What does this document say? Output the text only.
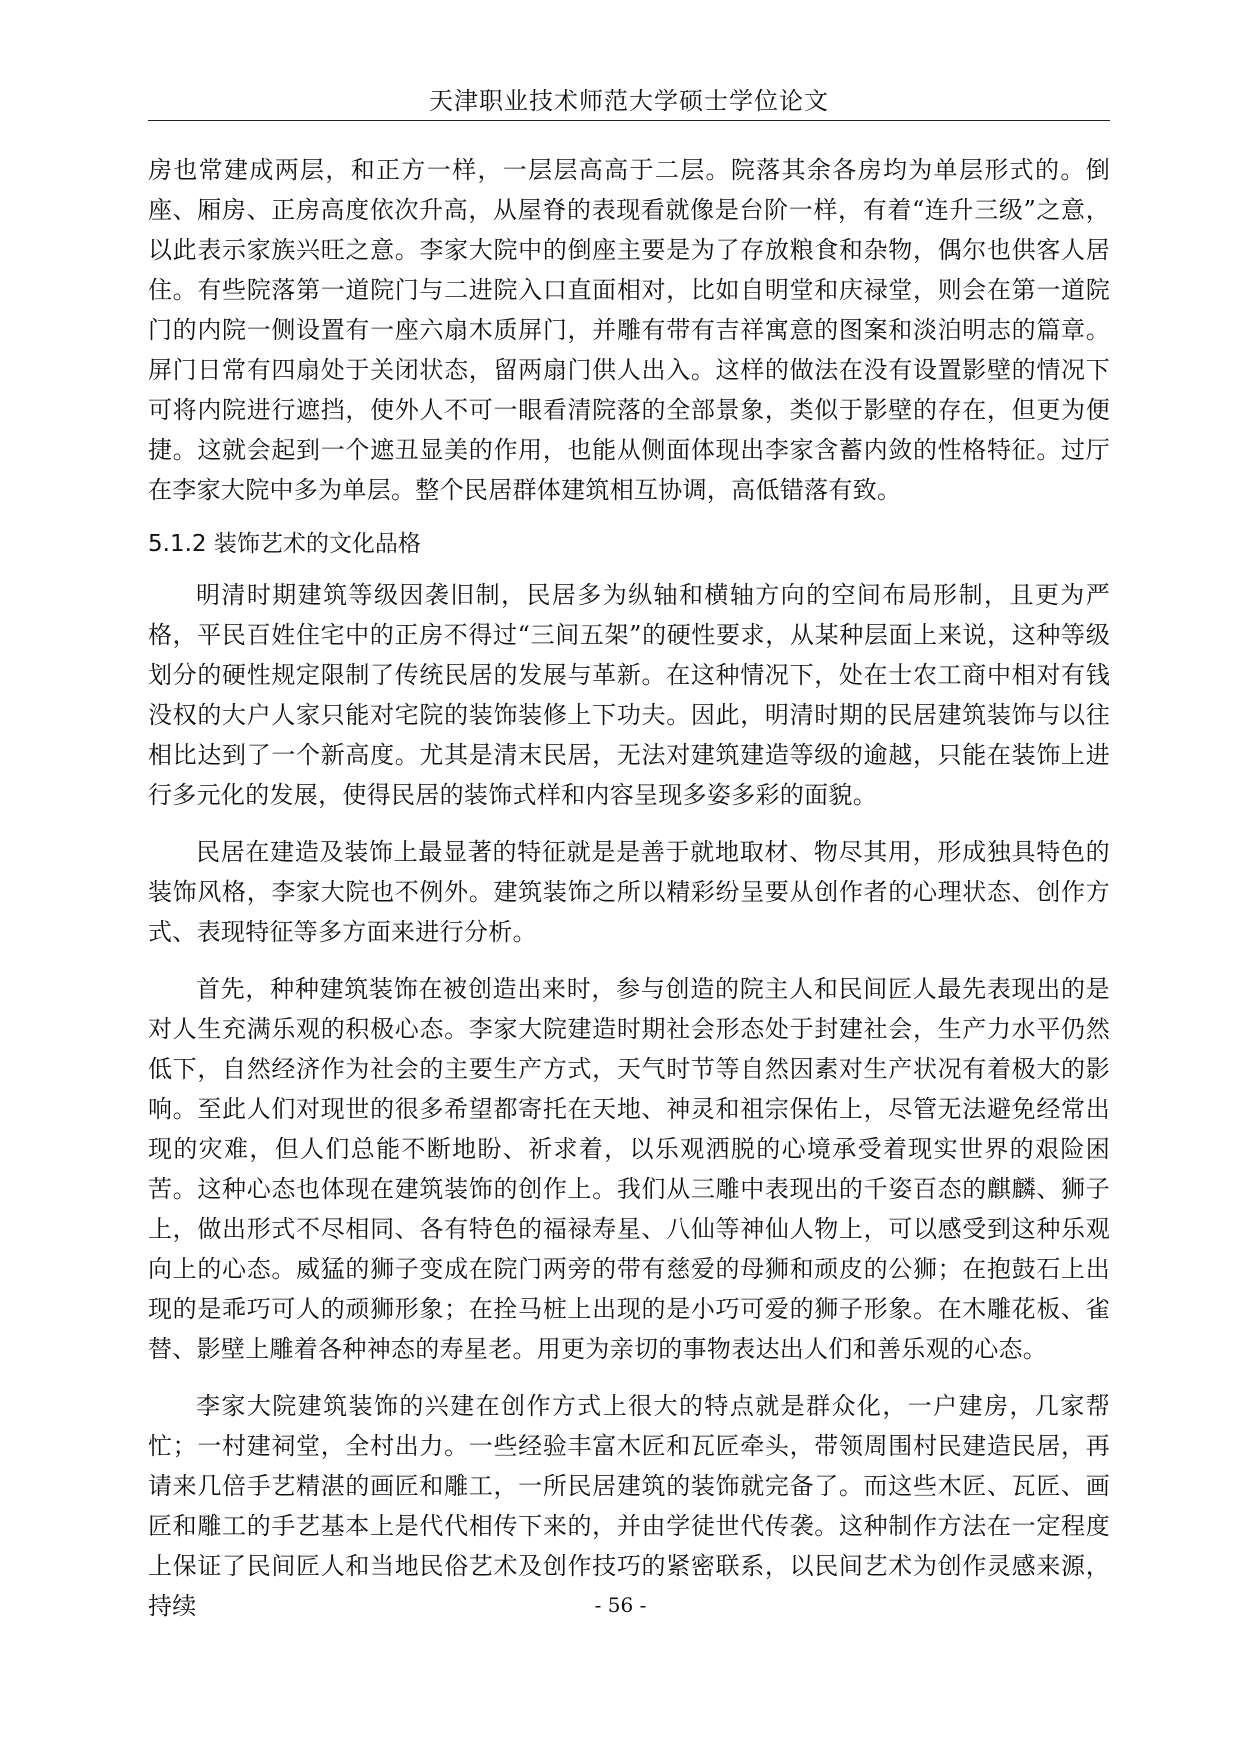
天津职业技术师范大学硕士学位论文

房也常建成两层，和正方一样，一层层高高于二层。院落其余各房均为单层形式的。倒座、厢房、正房高度依次升高，从屋脊的表现看就像是台阶一样，有着“连升三级”之意，以此表示家族兴旺之意。李家大院中的倒座主要是为了存放粮食和杂物，偶尔也供客人居住。有些院落第一道院门与二进院入口直面相对，比如自明堂和庆禄堂，则会在第一道院门的内院一侧设置有一座六扇木质屏门，并雕有带有吉祥寓意的图案和淡泊明志的篇章。屏门日常有四扇处于关闭状态，留两扇门供人出入。这样的做法在没有设置影壁的情况下可将内院进行遮挡，使外人不可一眼看清院落的全部景象，类似于影壁的存在，但更为便捷。这就会起到一个遮丑显美的作用，也能从侧面体现出李家含蓄内敛的性格特征。过厅在李家大院中多为单层。整个民居群体建筑相互协调，高低错落有致。

5.1.2 装饰艺术的文化品格

明清时期建筑等级因袭旧制，民居多为纵轴和横轴方向的空间布局形制，且更为严格，平民百姓住宅中的正房不得过“三间五架”的硬性要求，从某种层面上来说，这种等级划分的硬性规定限制了传统民居的发展与革新。在这种情况下，处在士农工商中相对有钱没权的大户人家只能对宅院的装饰装修上下功夫。因此，明清时期的民居建筑装饰与以往相比达到了一个新高度。尤其是清末民居，无法对建筑建造等级的逾越，只能在装饰上进行多元化的发展，使得民居的装饰式样和内容呈现多姿多彩的面貌。

民居在建造及装饰上最显著的特征就是是善于就地取材、物尽其用，形成独具特色的装饰风格，李家大院也不例外。建筑装饰之所以精彩纷呈要从创作者的心理状态、创作方式、表现特征等多方面来进行分析。

首先，种种建筑装饰在被创造出来时，参与创造的院主人和民间匠人最先表现出的是对人生充满乐观的积极心态。李家大院建造时期社会形态处于封建社会，生产力水平仍然低下，自然经济作为社会的主要生产方式，天气时节等自然因素对生产状况有着极大的影响。至此人们对现世的很多希望都寄托在天地、神灵和祖宗保佑上，尽管无法避免经常出现的灾难，但人们总能不断地盼、祈求着，以乐观洒脱的心境承受着现实世界的艰险困苦。这种心态也体现在建筑装饰的创作上。我们从三雕中表现出的千姿百态的麒麟、狮子上，做出形式不尽相同、各有特色的福禄寿星、八仙等神仙人物上，可以感受到这种乐观向上的心态。威猛的狮子变成在院门两旁的带有慈爱的母狮和顽皮的公狮；在抱鼓石上出现的是乖巧可人的顽狮形象；在拴马桩上出现的是小巧可爱的狮子形象。在木雕花板、雀替、影壁上雕着各种神态的寿星老。用更为亲切的事物表达出人们和善乐观的心态。

李家大院建筑装饰的兴建在创作方式上很大的特点就是群众化，一户建房，几家帮忙；一村建祠堂，全村出力。一些经验丰富木匠和瓦匠牵头，带领周围村民建造民居，再请来几倍手艺精湛的画匠和雕工，一所民居建筑的装饰就完备了。而这些木匠、瓦匠、画匠和雕工的手艺基本上是代代相传下来的，并由学徒世代传袭。这种制作方法在一定程度上保证了民间匠人和当地民俗艺术及创作技巧的紧密联系，以民间艺术为创作灵感来源，持续	- 56 -
